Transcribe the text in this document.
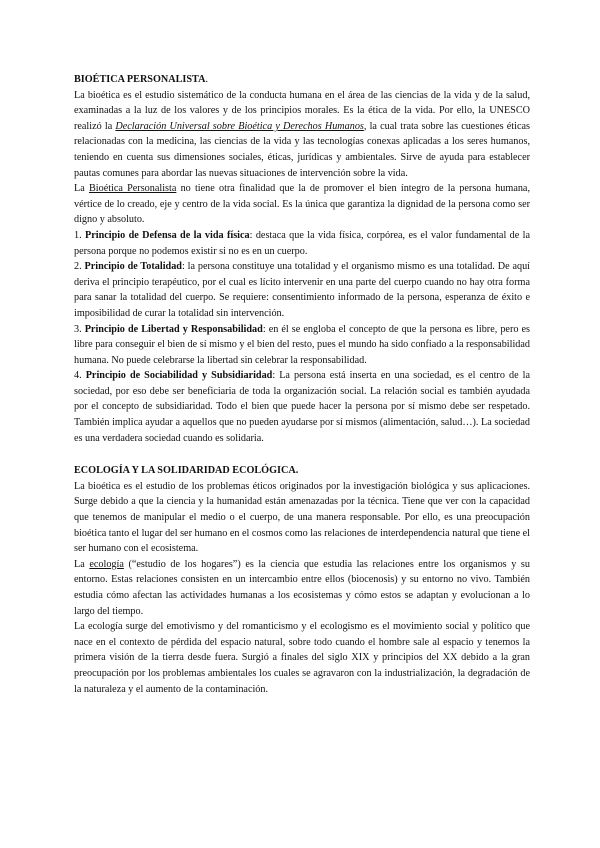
BIOÉTICA PERSONALISTA.

La bioética es el estudio sistemático de la conducta humana en el área de las ciencias de la vida y de la salud, examinadas a la luz de los valores y de los principios morales. Es la ética de la vida. Por ello, la UNESCO realizó la Declaración Universal sobre Bioética y Derechos Humanos, la cual trata sobre las cuestiones éticas relacionadas con la medicina, las ciencias de la vida y las tecnologías conexas aplicadas a los seres humanos, teniendo en cuenta sus dimensiones sociales, éticas, jurídicas y ambientales. Sirve de ayuda para establecer pautas comunes para abordar las nuevas situaciones de intervención sobre la vida.

La Bioética Personalista no tiene otra finalidad que la de promover el bien íntegro de la persona humana, vértice de lo creado, eje y centro de la vida social. Es la única que garantiza la dignidad de la persona como ser digno y absoluto.

1. Principio de Defensa de la vida física: destaca que la vida física, corpórea, es el valor fundamental de la persona porque no podemos existir si no es en un cuerpo.

2. Principio de Totalidad: la persona constituye una totalidad y el organismo mismo es una totalidad. De aquí deriva el principio terapéutico, por el cual es lícito intervenir en una parte del cuerpo cuando no hay otra forma para sanar la totalidad del cuerpo. Se requiere: consentimiento informado de la persona, esperanza de éxito e imposibilidad de curar la totalidad sin intervención.

3. Principio de Libertad y Responsabilidad: en él se engloba el concepto de que la persona es libre, pero es libre para conseguir el bien de sí mismo y el bien del resto, pues el mundo ha sido confiado a la responsabilidad humana. No puede celebrarse la libertad sin celebrar la responsabilidad.

4. Principio de Sociabilidad y Subsidiaridad: La persona está inserta en una sociedad, es el centro de la sociedad, por eso debe ser beneficiaria de toda la organización social. La relación social es también ayudada por el concepto de subsidiaridad. Todo el bien que puede hacer la persona por sí mismo debe ser respetado. También implica ayudar a aquellos que no pueden ayudarse por sí mismos (alimentación, salud…). La sociedad es una verdadera sociedad cuando es solidaria.

ECOLOGÍA Y LA SOLIDARIDAD ECOLÓGICA.

La bioética es el estudio de los problemas éticos originados por la investigación biológica y sus aplicaciones. Surge debido a que la ciencia y la humanidad están amenazadas por la técnica. Tiene que ver con la capacidad que tenemos de manipular el medio o el cuerpo, de una manera responsable. Por ello, es una preocupación bioética tanto el lugar del ser humano en el cosmos como las relaciones de interdependencia natural que tiene el ser humano con el ecosistema.

La ecología (“estudio de los hogares”) es la ciencia que estudia las relaciones entre los organismos y su entorno. Estas relaciones consisten en un intercambio entre ellos (biocenosis) y su entorno no vivo. También estudia cómo afectan las actividades humanas a los ecosistemas y cómo estos se adaptan y evolucionan a lo largo del tiempo.

La ecología surge del emotivismo y del romanticismo y el ecologismo es el movimiento social y político que nace en el contexto de pérdida del espacio natural, sobre todo cuando el hombre sale al espacio y tenemos la primera visión de la tierra desde fuera. Surgió a finales del siglo XIX y principios del XX debido a la gran preocupación por los problemas ambientales los cuales se agravaron con la industrialización, la degradación de la naturaleza y el aumento de la contaminación.
